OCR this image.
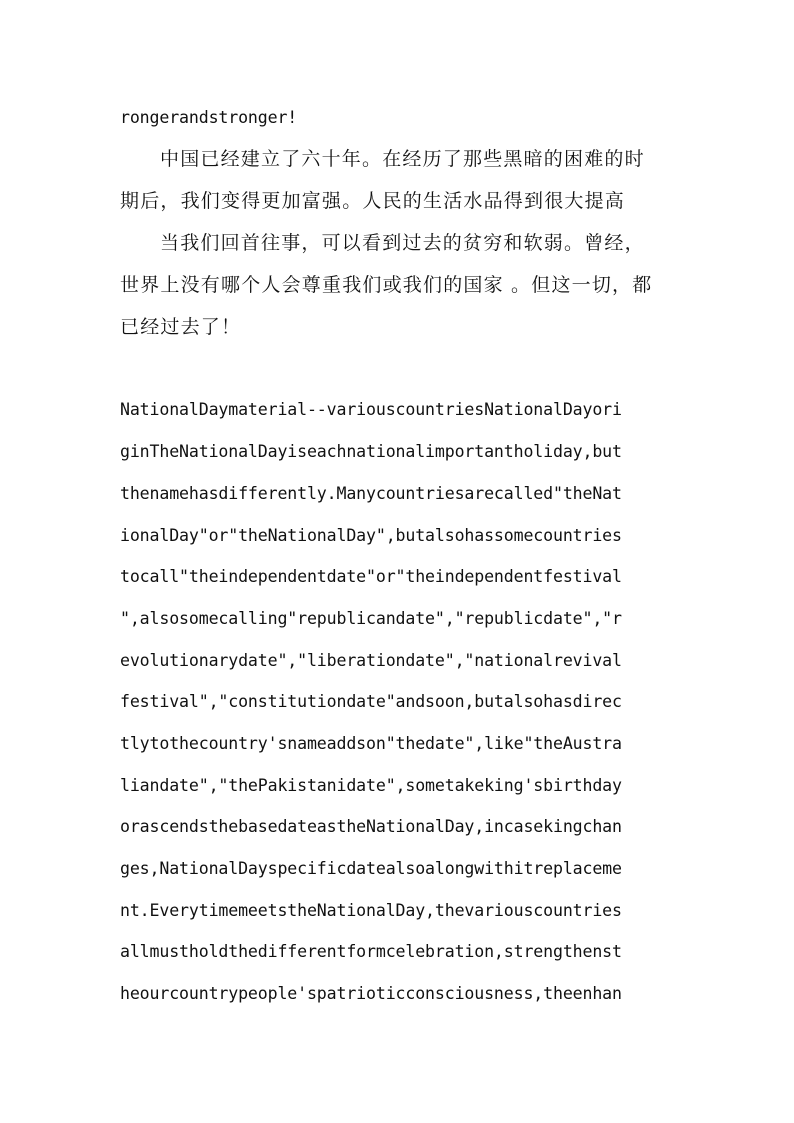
rongerandstronger!
中国已经建立了六十年。在经历了那些黑暗的困难的时
期后，我们变得更加富强。人民的生活水品得到很大提高
当我们回首往事，可以看到过去的贫穷和软弱。曾经，
世界上没有哪个人会尊重我们或我们的国家 。但这一切，都
已经过去了！
NationalDaymaterial--variouscountriesNationalDayori
ginTheNationalDayiseachnationalimportantholiday,but
thenamehasdifferently.Manycountriesarecalled"theNat
ionalDay"or"theNationalDay",butalsohassomecountries
tocall"theindependentdate"or"theindependentfestival
",alsosomecalling"republicandate","republicdate","r
evolutionarydate","liberationdate","nationalrevival
festival","constitutiondate"andsoon,butalsohasdirec
tlytothecountry'snameaddson"thedate",like"theAustra
liandate","thePakistanidate",sometakeking'sbirthday
orascendsthebasedateastheNationalDay,incasekingchan
ges,NationalDayspecificdatealsoalongwithitreplaceme
nt.EverytimemeetstheNationalDay,thevariouscountries
allmustholdthedifferentformcelebration,strengthenst
heourcountrypeople'spatrioticconsciousness,theenhan
